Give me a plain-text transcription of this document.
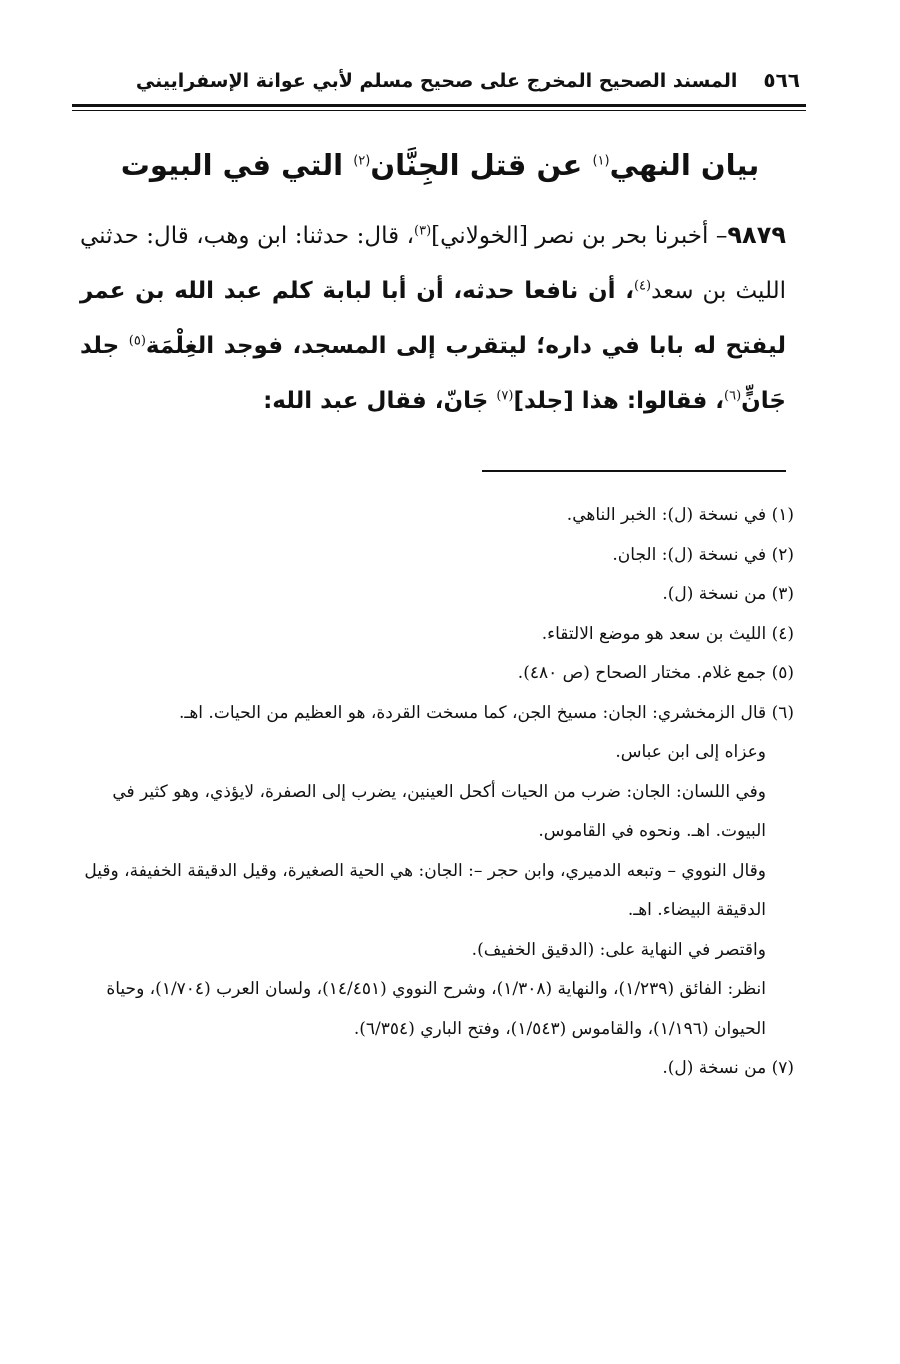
٥٦٦
المسند الصحيح المخرج على صحيح مسلم لأبي عوانة الإسفراييني
بيان النهي$^{(١)}$ عن قتل الجِنَّان$^{(٢)}$ التي في البيوت
٩٨٧٩– أخبرنا بحر بن نصر [الخولاني]$^{(٣)}$، قال: حدثنا: ابن وهب، قال: حدثني الليث بن سعد$^{(٤)}$، أن نافعا حدثه، أن أبا لبابة كلم عبد الله بن عمر ليفتح له بابا في داره؛ ليتقرب إلى المسجد، فوجد الغِلْمَة$^{(٥)}$ جلد جَانٍّ$^{(٦)}$، فقالوا: هذا [جلد]$^{(٧)}$ جَانّ، فقال عبد الله:

(١) في نسخة (ل): الخبر الناهي.

(٢) في نسخة (ل): الجان.

(٣) من نسخة (ل).

(٤) الليث بن سعد هو موضع الالتقاء.

(٥) جمع غلام. مختار الصحاح (ص ٤٨٠).

(٦) قال الزمخشري: الجان: مسيخ الجن، كما مسخت القردة، هو العظيم من الحيات. اهـ.

وعزاه إلى ابن عباس.

وفي اللسان: الجان: ضرب من الحيات أكحل العينين، يضرب إلى الصفرة، لايؤذي، وهو كثير في البيوت. اهـ. ونحوه في القاموس.

وقال النووي – وتبعه الدميري، وابن حجر –: الجان: هي الحية الصغيرة، وقيل الدقيقة الخفيفة، وقيل الدقيقة البيضاء. اهـ.

واقتصر في النهاية على: (الدقيق الخفيف).

انظر: الفائق (١/٢٣٩)، والنهاية (١/٣٠٨)، وشرح النووي (١٤/٤٥١)، ولسان العرب (١/٧٠٤)، وحياة الحيوان (١/١٩٦)، والقاموس (١/٥٤٣)، وفتح الباري (٦/٣٥٤).

(٧) من نسخة (ل).
